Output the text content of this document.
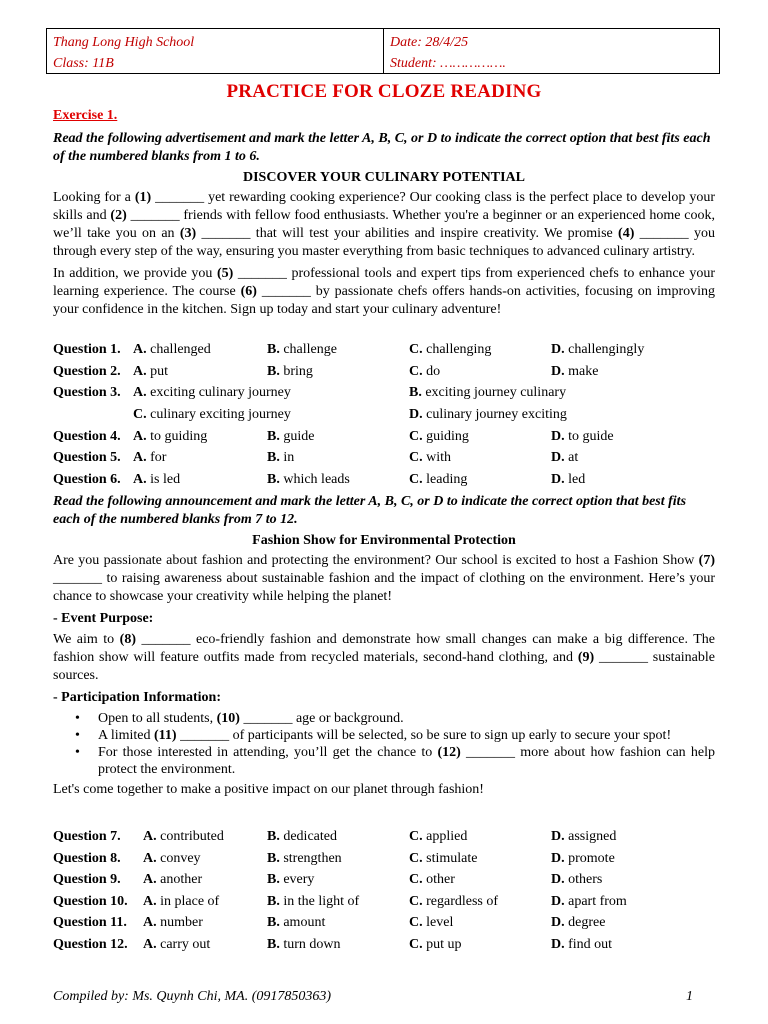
Thang Long High School
Class: 11B
Date: 28/4/25
Student: …………….
PRACTICE FOR CLOZE READING
Exercise 1.

Read the following advertisement and mark the letter A, B, C, or D to indicate the correct option that best fits each of the numbered blanks from 1 to 6.

DISCOVER YOUR CULINARY POTENTIAL

Looking for a (1) _______ yet rewarding cooking experience? Our cooking class is the perfect place to develop your skills and (2) _______ friends with fellow food enthusiasts. Whether you're a beginner or an experienced home cook, we’ll take you on an (3) _______ that will test your abilities and inspire creativity. We promise (4) _______ you through every step of the way, ensuring you master everything from basic techniques to advanced culinary artistry.

In addition, we provide you (5) _______ professional tools and expert tips from experienced chefs to enhance your learning experience. The course (6) _______ by passionate chefs offers hands-on activities, focusing on improving your confidence in the kitchen. Sign up today and start your culinary adventure!

Question 1. A. challenged	B. challenge	C. challenging	D. challengingly
Question 2. A. put	B. bring	C. do	D. make
Question 3. A. exciting culinary journey	B. exciting journey culinary
C. culinary exciting journey	D. culinary journey exciting
Question 4. A. to guiding	B. guide	C. guiding	D. to guide
Question 5. A. for	B. in	C. with	D. at
Question 6. A. is led	B. which leads	C. leading	D. led

Read the following announcement and mark the letter A, B, C, or D to indicate the correct option that best fits each of the numbered blanks from 7 to 12.

Fashion Show for Environmental Protection

Are you passionate about fashion and protecting the environment? Our school is excited to host a Fashion Show (7) _______ to raising awareness about sustainable fashion and the impact of clothing on the environment. Here’s your chance to showcase your creativity while helping the planet!

- Event Purpose:

We aim to (8) _______ eco-friendly fashion and demonstrate how small changes can make a big difference. The fashion show will feature outfits made from recycled materials, second-hand clothing, and (9) _______ sustainable sources.

- Participation Information:

• Open to all students, (10) _______ age or background.
• A limited (11) _______ of participants will be selected, so be sure to sign up early to secure your spot!
• For those interested in attending, you’ll get the chance to (12) _______ more about how fashion can help protect the environment.

Let's come together to make a positive impact on our planet through fashion!

Question 7. A. contributed	B. dedicated	C. applied	D. assigned
Question 8. A. convey	B. strengthen	C. stimulate	D. promote
Question 9. A. another	B. every	C. other	D. others
Question 10. A. in place of	B. in the light of	C. regardless of	D. apart from
Question 11. A. number	B. amount	C. level	D. degree
Question 12. A. carry out	B. turn down	C. put up	D. find out
Compiled by: Ms. Quynh Chi, MA. (0917850363)	1
